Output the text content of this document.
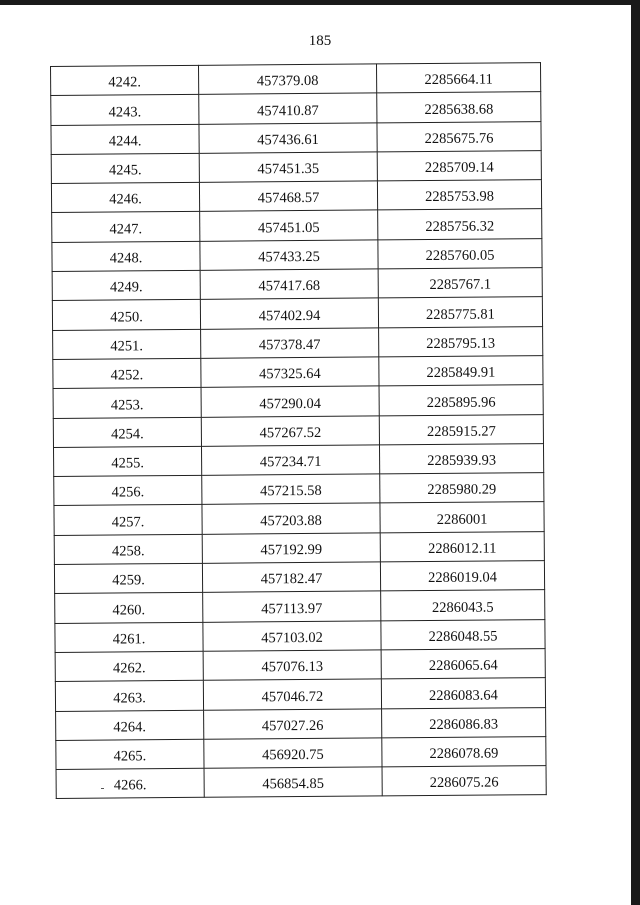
185
4242.	457379.08	2285664.11
4243.	457410.87	2285638.68
4244.	457436.61	2285675.76
4245.	457451.35	2285709.14
4246.	457468.57	2285753.98
4247.	457451.05	2285756.32
4248.	457433.25	2285760.05
4249.	457417.68	2285767.1
4250.	457402.94	2285775.81
4251.	457378.47	2285795.13
4252.	457325.64	2285849.91
4253.	457290.04	2285895.96
4254.	457267.52	2285915.27
4255.	457234.71	2285939.93
4256.	457215.58	2285980.29
4257.	457203.88	2286001
4258.	457192.99	2286012.11
4259.	457182.47	2286019.04
4260.	457113.97	2286043.5
4261.	457103.02	2286048.55
4262.	457076.13	2286065.64
4263.	457046.72	2286083.64
4264.	457027.26	2286086.83
4265.	456920.75	2286078.69
4266.	456854.85	2286075.26
